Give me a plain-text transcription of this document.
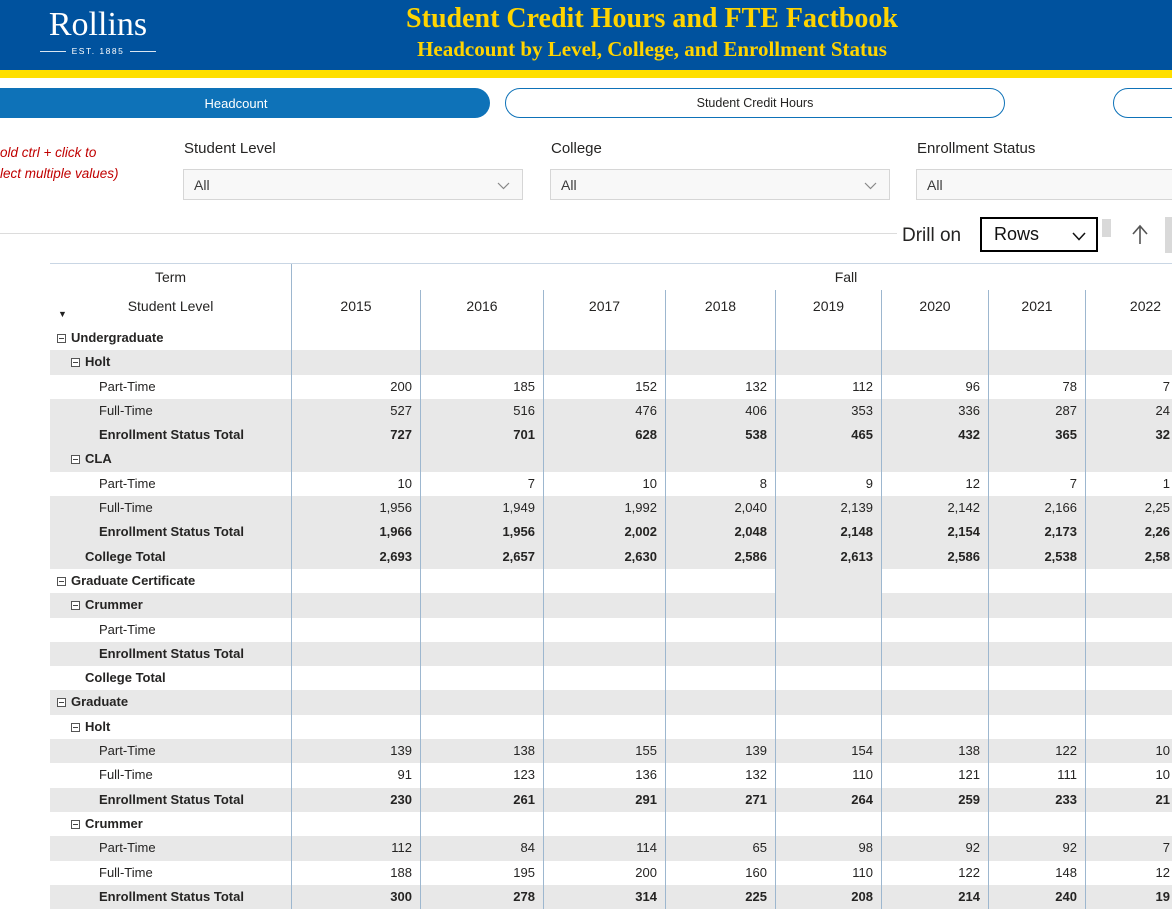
Rollins
EST. 1885
Student Credit Hours and FTE Factbook
Headcount by Level, College, and Enrollment Status
Headcount	Student Credit Hours
old ctrl + click to
lect multiple values)
Student Level
All
College
All
Enrollment Status
All
Drill on Rows
Term	Fall
Student Level	2015	2016	2017	2018	2019	2020	2021	2022
▼
Undergraduate
Holt
Part-Time	200	185	152	132	112	96	78	7
Full-Time	527	516	476	406	353	336	287	24
Enrollment Status Total	727	701	628	538	465	432	365	32
CLA
Part-Time	10	7	10	8	9	12	7	1
Full-Time	1,956	1,949	1,992	2,040	2,139	2,142	2,166	2,25
Enrollment Status Total	1,966	1,956	2,002	2,048	2,148	2,154	2,173	2,26
College Total	2,693	2,657	2,630	2,586	2,613	2,586	2,538	2,58
Graduate Certificate
Crummer
Part-Time
Enrollment Status Total
College Total
Graduate
Holt
Part-Time	139	138	155	139	154	138	122	10
Full-Time	91	123	136	132	110	121	111	10
Enrollment Status Total	230	261	291	271	264	259	233	21
Crummer
Part-Time	112	84	114	65	98	92	92	7
Full-Time	188	195	200	160	110	122	148	12
Enrollment Status Total	300	278	314	225	208	214	240	19
